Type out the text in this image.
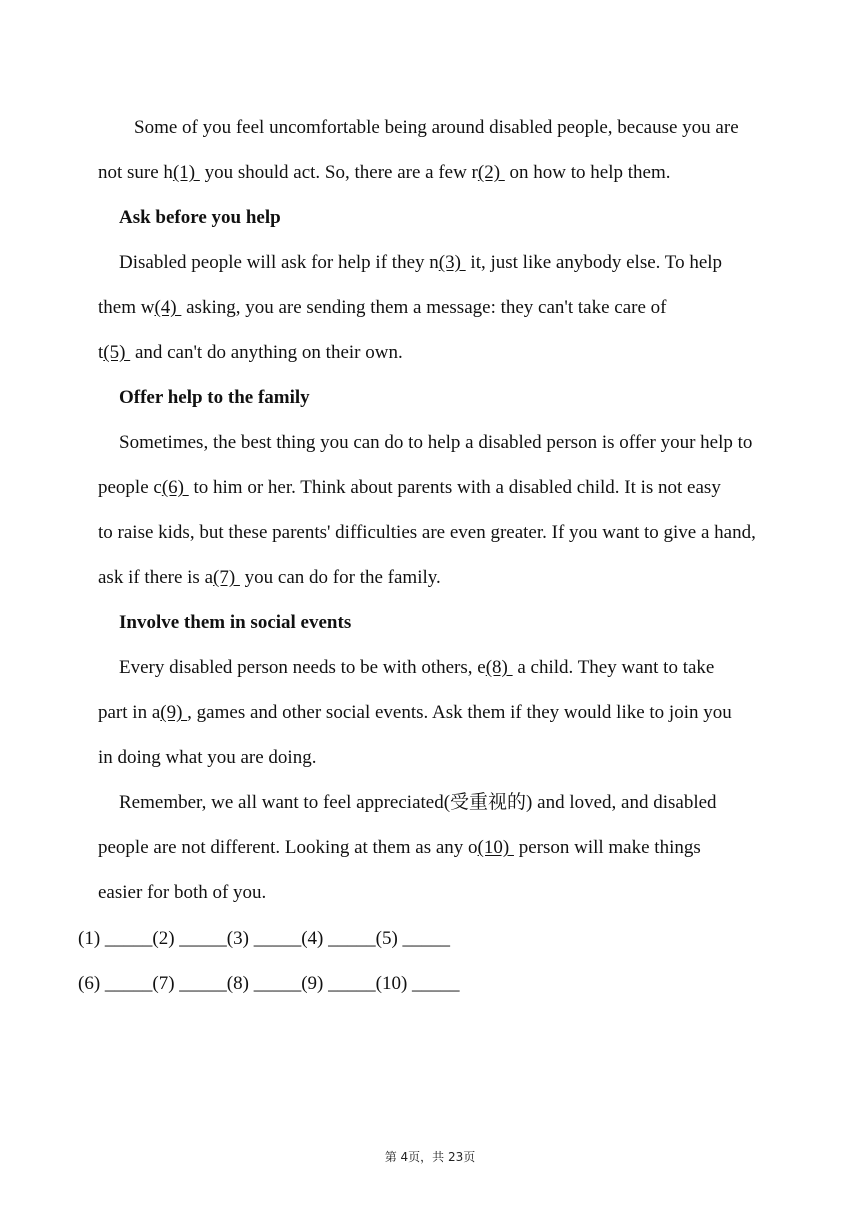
Some of you feel uncomfortable being around disabled people, because you are
not sure h(1)  you should act. So, there are a few r(2)  on how to help them.
Ask before you help
Disabled people will ask for help if they n(3)  it, just like anybody else. To help
them w(4)  asking, you are sending them a message: they can't take care of
t(5)  and can't do anything on their own.
Offer help to the family
Sometimes, the best thing you can do to help a disabled person is offer your help to
people c(6)  to him or her. Think about parents with a disabled child. It is not easy
to raise kids, but these parents' difficulties are even greater. If you want to give a hand,
ask if there is a(7)  you can do for the family.
Involve them in social events
Every disabled person needs to be with others, e(8)  a child. They want to take
part in a(9) , games and other social events. Ask them if they would like to join you
in doing what you are doing.
Remember, we all want to feel appreciated(受重视的) and loved, and disabled
people are not different. Looking at them as any o(10)  person will make things
easier for both of you.
(1) _____(2) _____(3) _____(4) _____(5) _____
(6) _____(7) _____(8) _____(9) _____(10) _____
第 4页，共 23页
